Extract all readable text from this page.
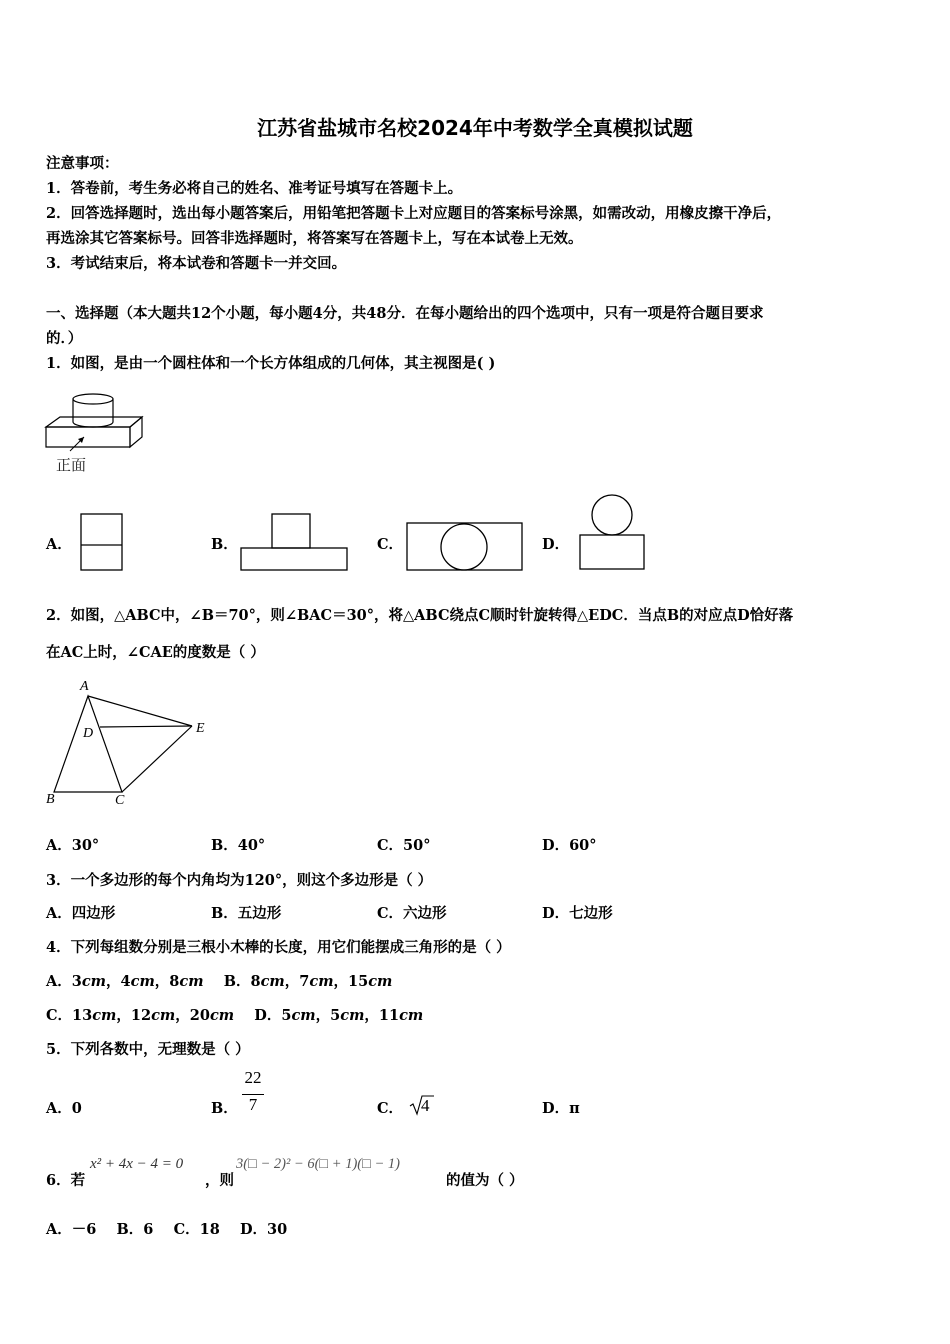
江苏省盐城市名校2024年中考数学全真模拟试题
注意事项：
1．答卷前，考生务必将自己的姓名、准考证号填写在答题卡上。
2．回答选择题时，选出每小题答案后，用铅笔把答题卡上对应题目的答案标号涂黑，如需改动，用橡皮擦干净后，
再选涂其它答案标号。回答非选择题时，将答案写在答题卡上，写在本试卷上无效。
3．考试结束后，将本试卷和答题卡一并交回。
一、选择题（本大题共12个小题，每小题4分，共48分．在每小题给出的四个选项中，只有一项是符合题目要求
的．）
1．如图，是由一个圆柱体和一个长方体组成的几何体，其主视图是( )
正面
A．	B．	C．	D．
2．如图，△ABC中，∠B＝70°，则∠BAC＝30°，将△ABC绕点C顺时针旋转得△EDC．当点B的对应点D恰好落
在AC上时，∠CAE的度数是（ ）
A
D	E
B	C
A．30°	B．40°	C．50°	D．60°
3．一个多边形的每个内角均为120°，则这个多边形是（ ）
A．四边形	B．五边形	C．六边形	D．七边形
4．下列每组数分别是三根小木棒的长度，用它们能摆成三角形的是（ ）
A．3cm，4cm，8cm    B．8cm，7cm，15cm
C．13cm，12cm，20cm    D．5cm，5cm，11cm
5．下列各数中，无理数是（ ）
A．0	B．
22
7	C． 4	D．π
6．若
x² + 4x − 4 = 0
，则
3(□ − 2)² − 6(□ + 1)(□ − 1)
的值为（ ）
A．－6    B．6    C．18    D．30
